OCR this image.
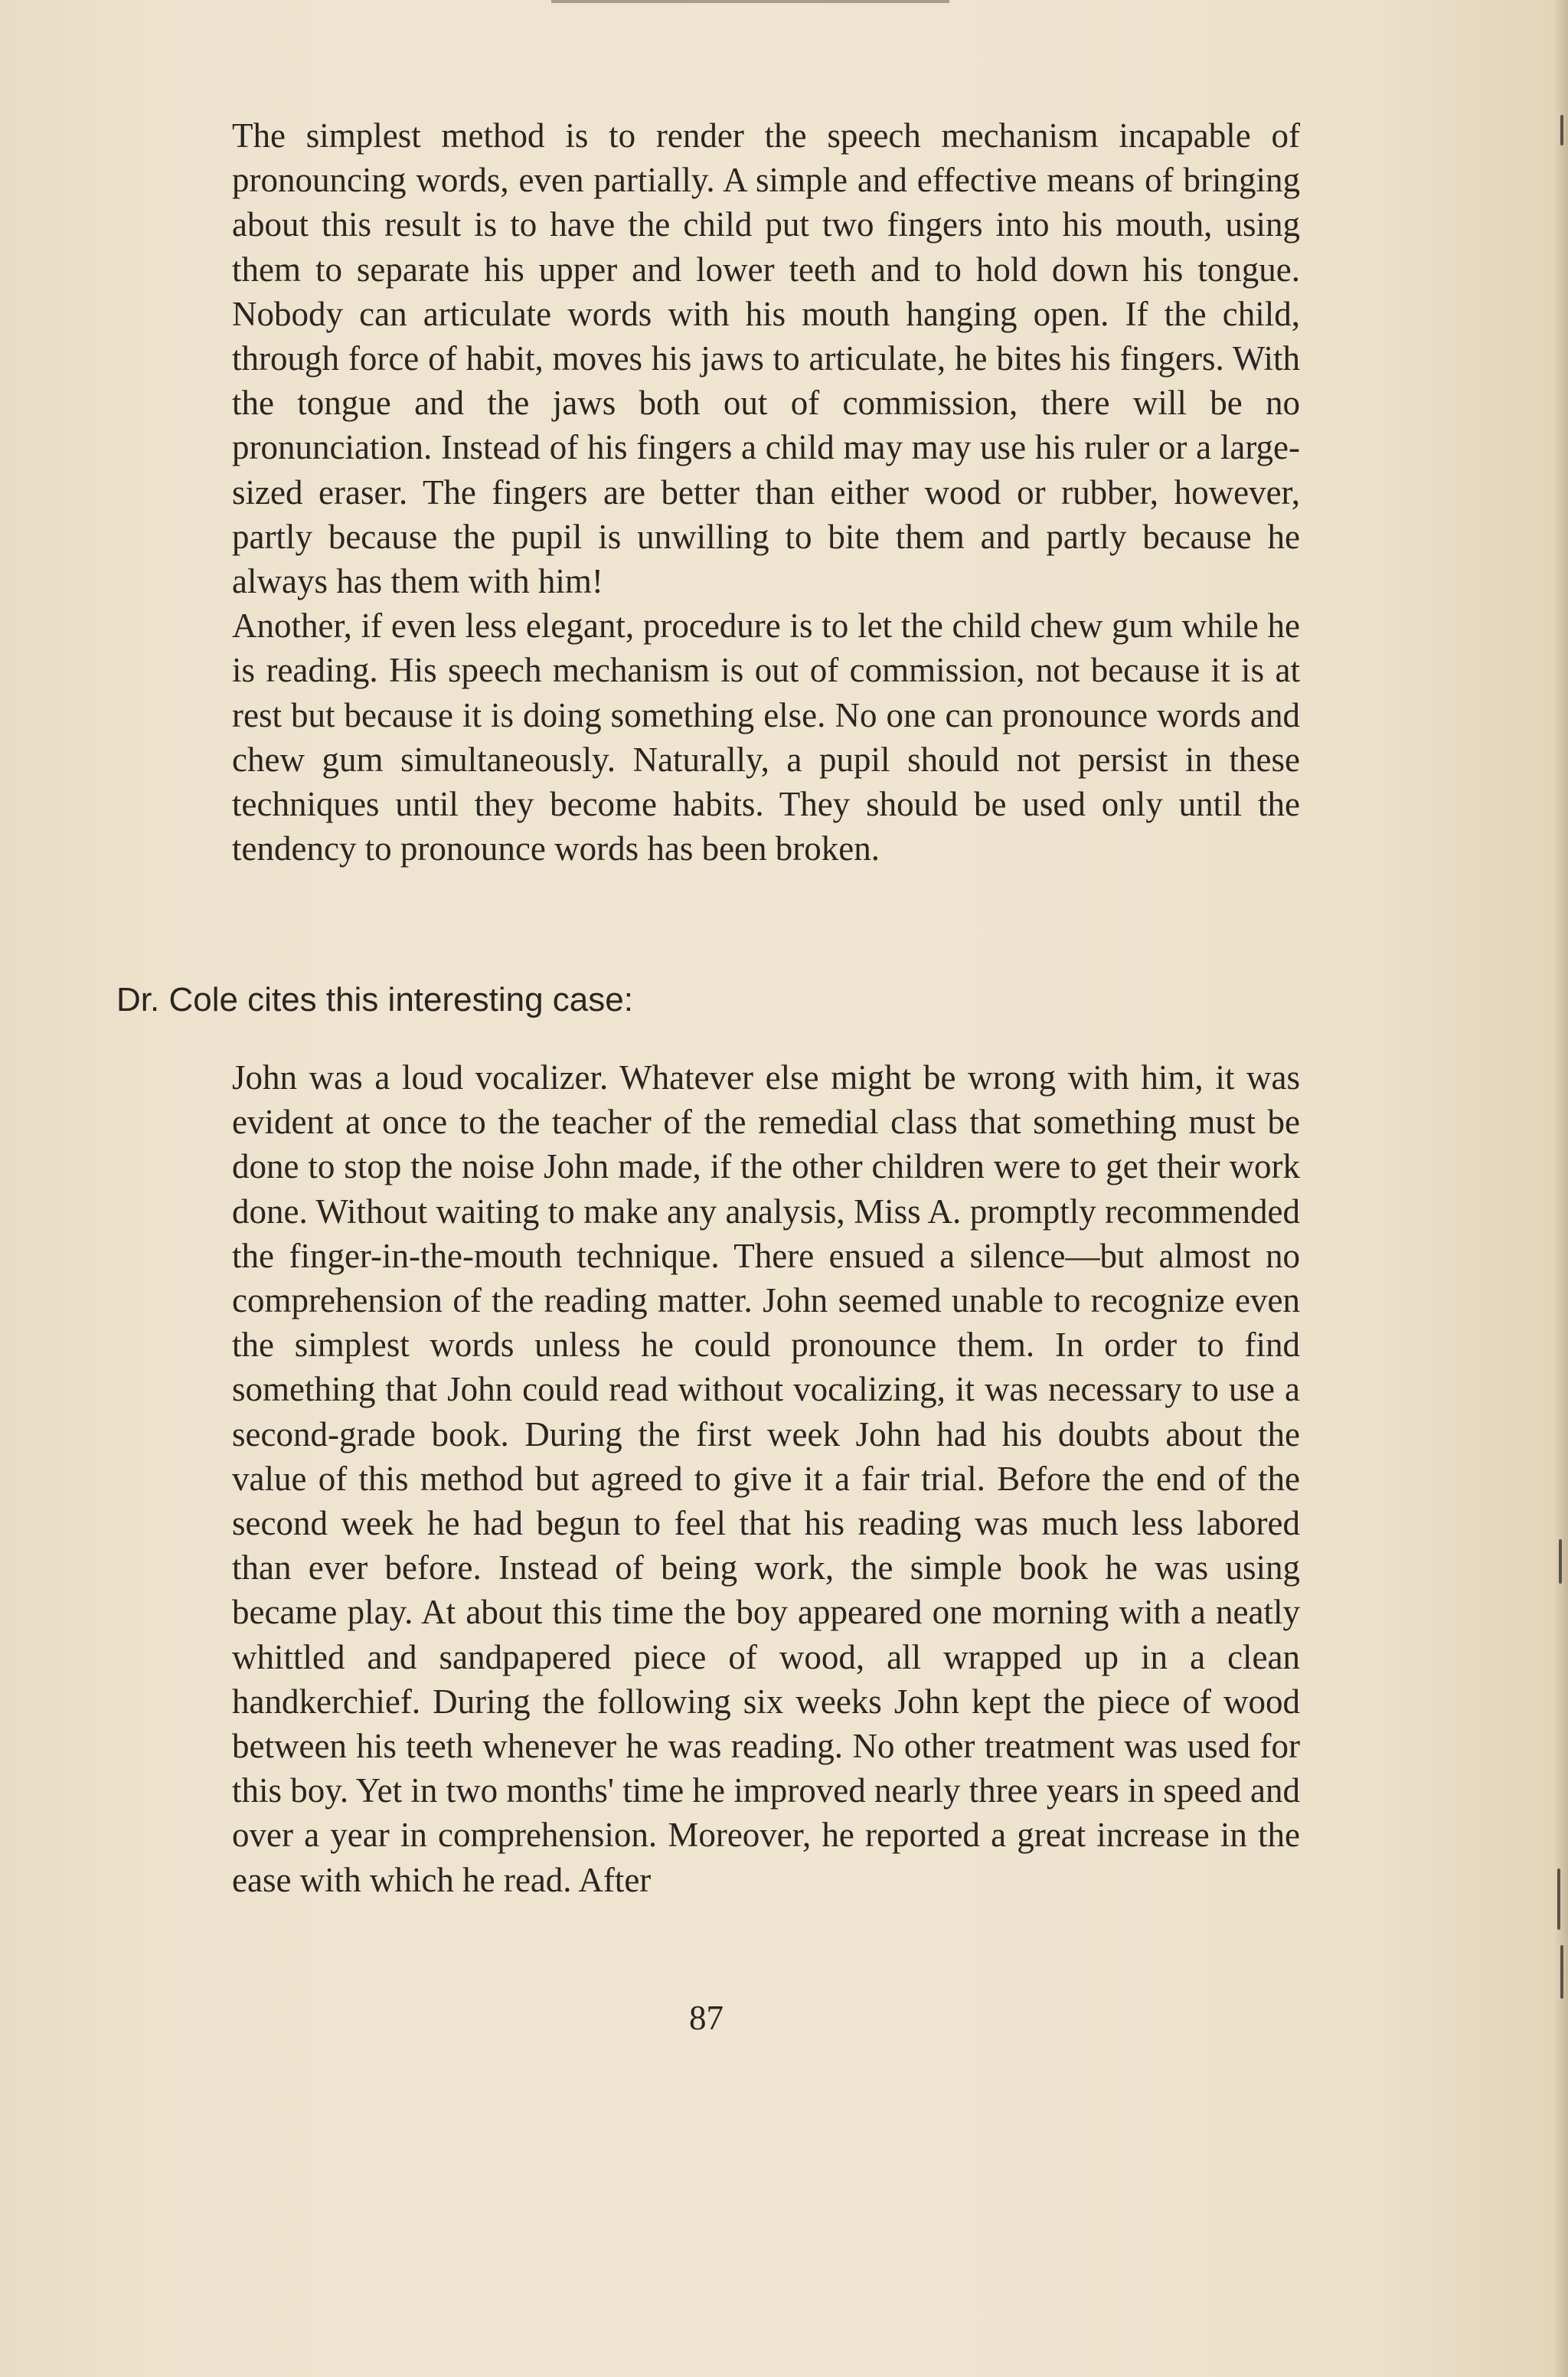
The simplest method is to render the speech mechanism incapable of pronouncing words, even partially. A simple and effective means of bringing about this result is to have the child put two fingers into his mouth, using them to separate his upper and lower teeth and to hold down his tongue. Nobody can articulate words with his mouth hanging open. If the child, through force of habit, moves his jaws to articulate, he bites his fingers. With the tongue and the jaws both out of commission, there will be no pronunciation. Instead of his fingers a child may may use his ruler or a large-sized eraser. The fingers are better than either wood or rubber, however, partly because the pupil is unwilling to bite them and partly because he always has them with him!

Another, if even less elegant, procedure is to let the child chew gum while he is reading. His speech mechanism is out of commission, not because it is at rest but because it is doing something else. No one can pronounce words and chew gum simultaneously. Naturally, a pupil should not persist in these techniques until they become habits. They should be used only until the tendency to pronounce words has been broken.

Dr. Cole cites this interesting case:

John was a loud vocalizer. Whatever else might be wrong with him, it was evident at once to the teacher of the remedial class that something must be done to stop the noise John made, if the other children were to get their work done. Without waiting to make any analysis, Miss A. promptly recommended the finger-in-the-mouth technique. There ensued a silence—but almost no comprehension of the reading matter. John seemed unable to recognize even the simplest words unless he could pronounce them. In order to find something that John could read without vocalizing, it was necessary to use a second-grade book. During the first week John had his doubts about the value of this method but agreed to give it a fair trial. Before the end of the second week he had begun to feel that his reading was much less labored than ever before. Instead of being work, the simple book he was using became play. At about this time the boy appeared one morning with a neatly whittled and sandpapered piece of wood, all wrapped up in a clean handkerchief. During the following six weeks John kept the piece of wood between his teeth whenever he was reading. No other treatment was used for this boy. Yet in two months' time he improved nearly three years in speed and over a year in comprehension. Moreover, he reported a great increase in the ease with which he read. After

87
